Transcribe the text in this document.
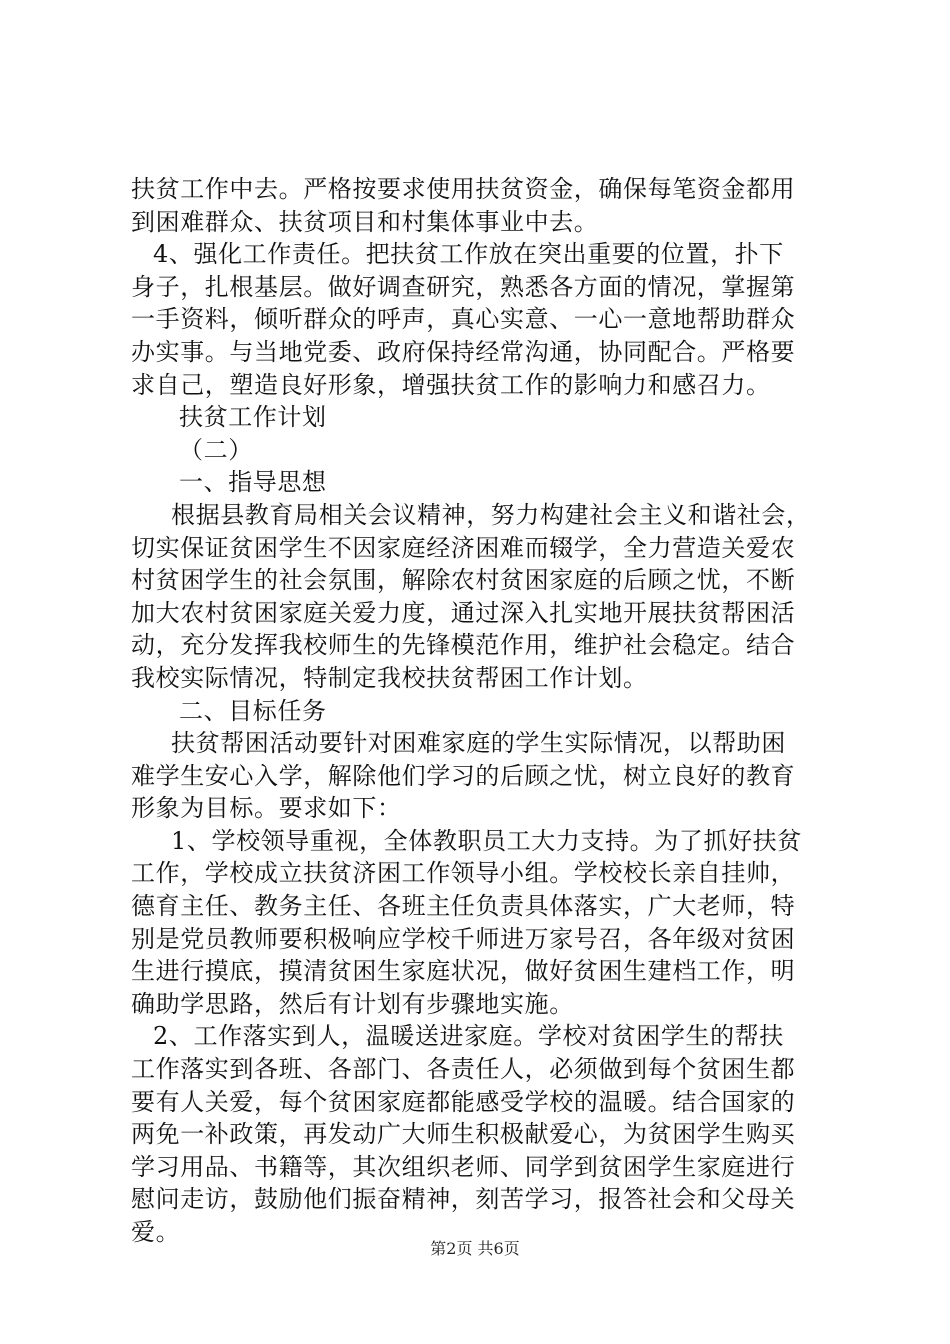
扶贫工作中去。严格按要求使用扶贫资金，确保每笔资金都用
到困难群众、扶贫项目和村集体事业中去。
4、强化工作责任。把扶贫工作放在突出重要的位置，扑下
身子，扎根基层。做好调查研究，熟悉各方面的情况，掌握第
一手资料，倾听群众的呼声，真心实意、一心一意地帮助群众
办实事。与当地党委、政府保持经常沟通，协同配合。严格要
求自己，塑造良好形象，增强扶贫工作的影响力和感召力。
扶贫工作计划
（二）
一、指导思想
根据县教育局相关会议精神，努力构建社会主义和谐社会，
切实保证贫困学生不因家庭经济困难而辍学，全力营造关爱农
村贫困学生的社会氛围，解除农村贫困家庭的后顾之忧，不断
加大农村贫困家庭关爱力度，通过深入扎实地开展扶贫帮困活
动，充分发挥我校师生的先锋模范作用，维护社会稳定。结合
我校实际情况，特制定我校扶贫帮困工作计划。
二、目标任务
扶贫帮困活动要针对困难家庭的学生实际情况，以帮助困
难学生安心入学，解除他们学习的后顾之忧，树立良好的教育
形象为目标。要求如下：
1、学校领导重视，全体教职员工大力支持。为了抓好扶贫
工作，学校成立扶贫济困工作领导小组。学校校长亲自挂帅，
德育主任、教务主任、各班主任负责具体落实，广大老师，特
别是党员教师要积极响应学校千师进万家号召，各年级对贫困
生进行摸底，摸清贫困生家庭状况，做好贫困生建档工作，明
确助学思路，然后有计划有步骤地实施。
2、工作落实到人，温暖送进家庭。学校对贫困学生的帮扶
工作落实到各班、各部门、各责任人，必须做到每个贫困生都
要有人关爱，每个贫困家庭都能感受学校的温暖。结合国家的
两免一补政策，再发动广大师生积极献爱心，为贫困学生购买
学习用品、书籍等，其次组织老师、同学到贫困学生家庭进行
慰问走访，鼓励他们振奋精神，刻苦学习，报答社会和父母关
爱。
第2页 共6页
